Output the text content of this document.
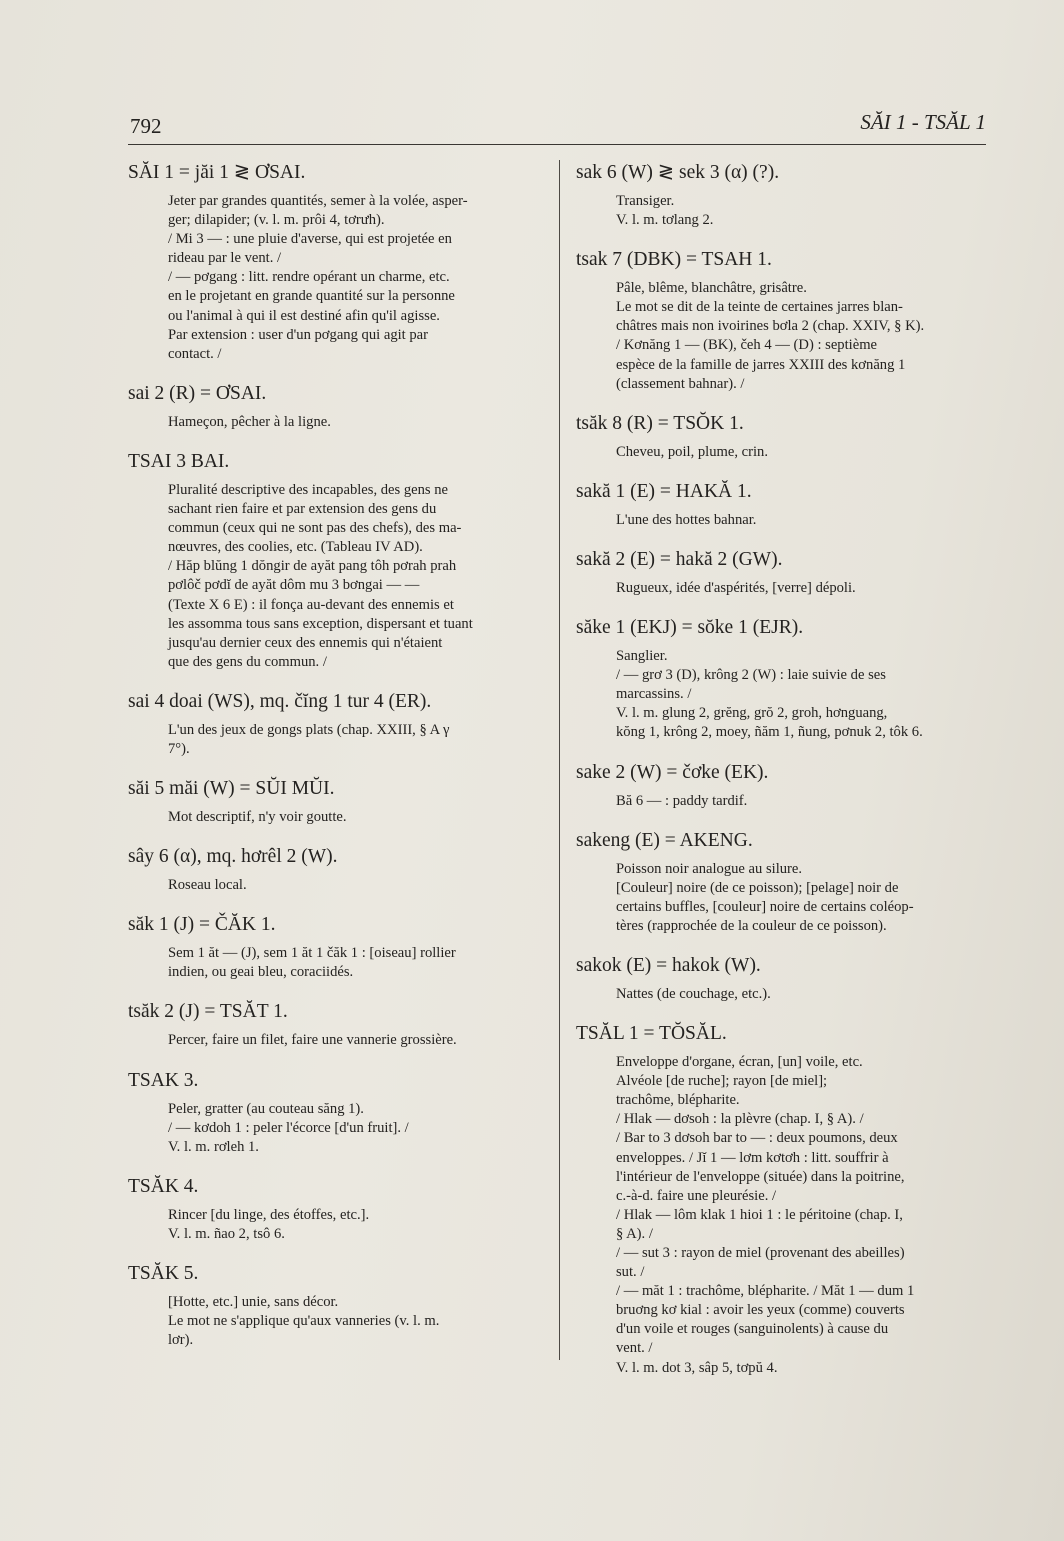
792	SĂI 1 - TSĂL 1
SĂI 1 = jăi 1 ≷ ƠSAI.

Jeter par grandes quantités, semer à la volée, asper-

ger; dilapider; (v. l. m. prôi 4, tơrưh).

/ Mi 3 — : une pluie d'averse, qui est projetée en

rideau par le vent. /

/ — pơgang : litt. rendre opérant un charme, etc.

en le projetant en grande quantité sur la personne

ou l'animal à qui il est destiné afin qu'il agisse.

Par extension : user d'un pơgang qui agit par

contact. /

sai 2 (R) = ƠSAI.

Hameçon, pêcher à la ligne.

TSAI 3 BAI.

Pluralité descriptive des incapables, des gens ne

sachant rien faire et par extension des gens du

commun (ceux qui ne sont pas des chefs), des ma-

nœuvres, des coolies, etc. (Tableau IV AD).

/ Hăp blŭng 1 dŏngir de ayăt pang tôh pơrah prah

pơlôč pơdĭ de ayăt dôm mu 3 bơngai — —

(Texte X 6 E) : il fonça au-devant des ennemis et

les assomma tous sans exception, dispersant et tuant

jusqu'au dernier ceux des ennemis qui n'étaient

que des gens du commun. /

sai 4 doai (WS), mq. čĭng 1 tur 4 (ER).

L'un des jeux de gongs plats (chap. XXIII, § A γ

7°).

săi 5 măi (W) = SŬI MŬI.

Mot descriptif, n'y voir goutte.

sây 6 (α), mq. hơrêl 2 (W).

Roseau local.

săk 1 (J) = ČĂK 1.

Sem 1 ăt — (J), sem 1 ăt 1 čăk 1 : [oiseau] rollier

indien, ou geai bleu, coraciidés.

tsăk 2 (J) = TSĂT 1.

Percer, faire un filet, faire une vannerie grossière.

TSAK 3.

Peler, gratter (au couteau săng 1).

/ — kơdoh 1 : peler l'écorce [d'un fruit]. /

V. l. m. rơleh 1.

TSĂK 4.

Rincer [du linge, des étoffes, etc.].

V. l. m. ñao 2, tsô 6.

TSĂK 5.

[Hotte, etc.] unie, sans décor.

Le mot ne s'applique qu'aux vanneries (v. l. m.

lơr).

sak 6 (W) ≷ sek 3 (α) (?).

Transiger.

V. l. m. tơlang 2.

tsak 7 (DBK) = TSAH 1.

Pâle, blême, blanchâtre, grisâtre.

Le mot se dit de la teinte de certaines jarres blan-

châtres mais non ivoirines bơla 2 (chap. XXIV, § K).

/ Kơnăng 1 — (BK), čeh 4 — (D) : septième

espèce de la famille de jarres XXIII des kơnăng 1

(classement bahnar). /

tsăk 8 (R) = TSŎK 1.

Cheveu, poil, plume, crin.

sakă 1 (E) = HAKĂ 1.

L'une des hottes bahnar.

sakă 2 (E) = hakă 2 (GW).

Rugueux, idée d'aspérités, [verre] dépoli.

săke 1 (EKJ) = sŏke 1 (EJR).

Sanglier.

/ — grơ 3 (D), krông 2 (W) : laie suivie de ses

marcassins. /

V. l. m. glung 2, grĕng, grŏ 2, groh, hơnguang,

kŏng 1, krông 2, moey, ñăm 1, ñung, pơnuk 2, tôk 6.

sake 2 (W) = čơke (EK).

Bă 6 — : paddy tardif.

sakeng (E) = AKENG.

Poisson noir analogue au silure.

[Couleur] noire (de ce poisson); [pelage] noir de

certains buffles, [couleur] noire de certains coléop-

tères (rapprochée de la couleur de ce poisson).

sakok (E) = hakok (W).

Nattes (de couchage, etc.).

TSĂL 1 = TŎSĂL.

Enveloppe d'organe, écran, [un] voile, etc.

Alvéole [de ruche]; rayon [de miel];

trachôme, blépharite.

/ Hlak — dơsoh : la plèvre (chap. I, § A). /

/ Bar to 3 dơsoh bar to — : deux poumons, deux

enveloppes. / Jĭ 1 — lơm kơtơh : litt. souffrir à

l'intérieur de l'enveloppe (située) dans la poitrine,

c.-à-d. faire une pleurésie. /

/ Hlak — lôm klak 1 hioi 1 : le péritoine (chap. I,

§ A). /

/ — sut 3 : rayon de miel (provenant des abeilles)

sut. /

/ — măt 1 : trachôme, blépharite. / Măt 1 — dum 1

bruơng kơ kial : avoir les yeux (comme) couverts

d'un voile et rouges (sanguinolents) à cause du

vent. /

V. l. m. dot 3, sâp 5, tơpŭ 4.
